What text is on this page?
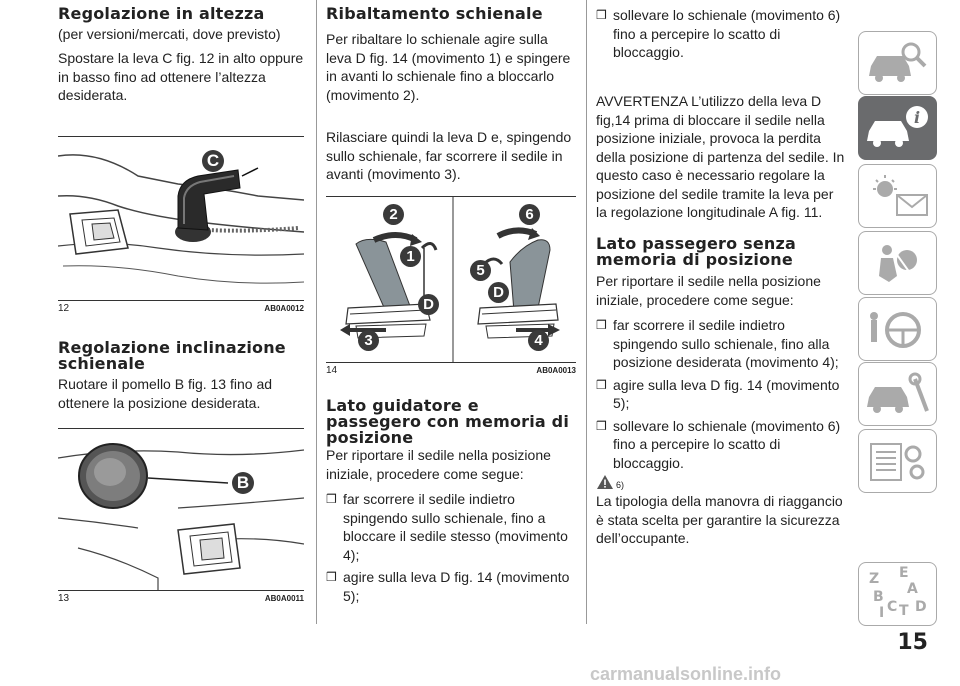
Regolazione in altezza

(per versioni/mercati, dove previsto)

Spostare la leva C fig. 12 in alto oppure in basso fino ad ottenere l’altezza desiderata.

C
12	AB0A0012
Regolazione inclinazione schienale

Ruotare il pomello B fig. 13 fino ad ottenere la posizione desiderata.

B
13	AB0A0011
Ribaltamento schienale

Per ribaltare lo schienale agire sulla leva D fig. 14 (movimento 1) e spingere in avanti lo schienale fino a bloccarlo (movimento 2).

Rilasciare quindi la leva D e, spingendo sullo schienale, far scorrere il sedile in avanti (movimento 3).

2
1
D
3
6
5
D
4
14	AB0A0013
Lato guidatore e passegero con memoria di posizione

Per riportare il sedile nella posizione iniziale, procedere come segue:

❒ far scorrere il sedile indietro spingendo sullo schienale, fino a bloccare il sedile stesso (movimento 4);
❒ agire sulla leva D fig. 14 (movimento 5);
❒ sollevare lo schienale (movimento 6) fino a percepire lo scatto di bloccaggio.

AVVERTENZA L’utilizzo della leva D fig,14 prima di bloccare il sedile nella posizione iniziale, provoca la perdita della posizione di partenza del sedile. In questo caso è necessario regolare la posizione del sedile tramite la leva per la regolazione longitudinale A fig. 11.

Lato passegero senza memoria di posizione

Per riportare il sedile nella posizione iniziale, procedere come segue:

❒ far scorrere il sedile indietro spingendo sullo schienale, fino alla posizione desiderata (movimento 4);
❒ agire sulla leva D fig. 14 (movimento 5);
❒ sollevare lo schienale (movimento 6) fino a percepire lo scatto di bloccaggio.
6)

La tipologia della manovra di riaggancio è stata scelta per garantire la sicurezza dell’occupante.

i
Z E
A
B
C T D
I
15
carmanualsonline.info
